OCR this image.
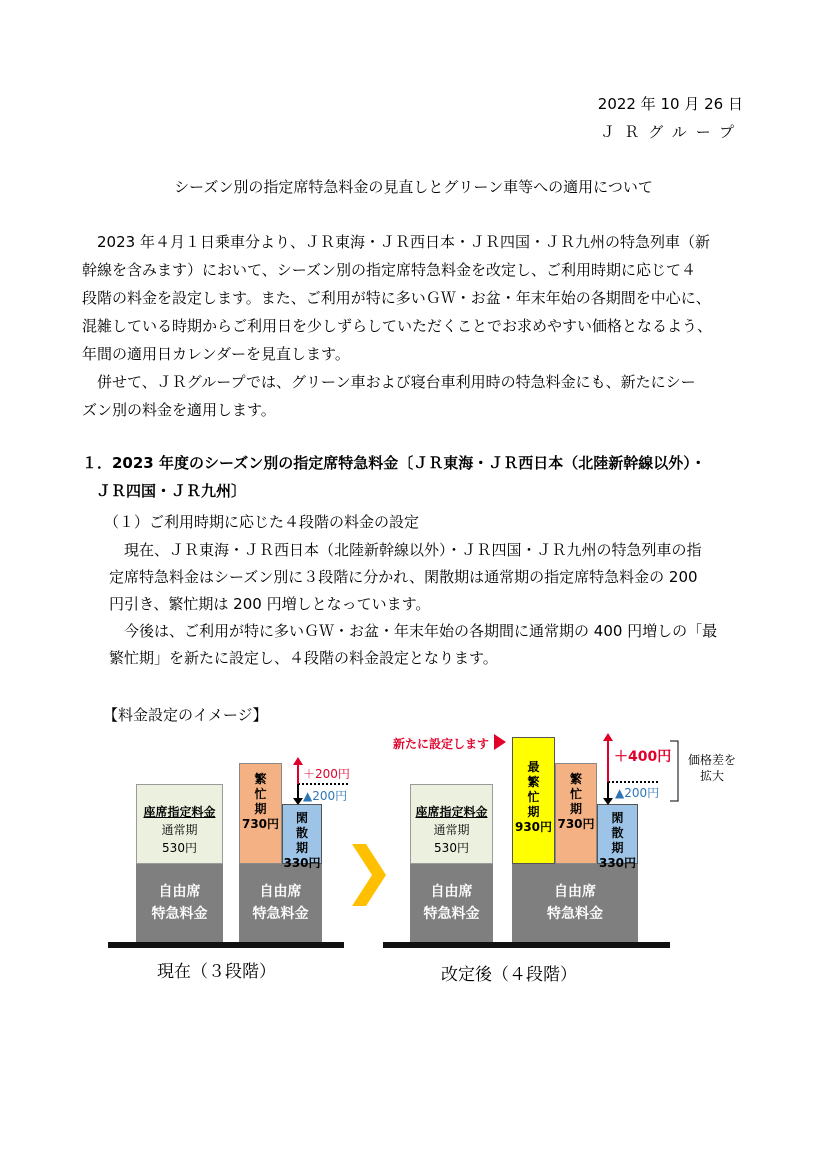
2022 年 10 月 26 日
ＪＲグループ
シーズン別の指定席特急料金の見直しとグリーン車等への適用について

2023 年４月１日乗車分より、ＪＲ東海・ＪＲ西日本・ＪＲ四国・ＪＲ九州の特急列車（新

幹線を含みます）において、シーズン別の指定席特急料金を改定し、ご利用時期に応じて４

段階の料金を設定します。また、ご利用が特に多いＧＷ・お盆・年末年始の各期間を中心に、

混雑している時期からご利用日を少しずらしていただくことでお求めやすい価格となるよう、

年間の適用日カレンダーを見直します。

併せて、ＪＲグループでは、グリーン車および寝台車利用時の特急料金にも、新たにシー

ズン別の料金を適用します。

１．2023 年度のシーズン別の指定席特急料金〔ＪＲ東海・ＪＲ西日本（北陸新幹線以外）・
ＪＲ四国・ＪＲ九州〕
（１）ご利用時期に応じた４段階の料金の設定

現在、ＪＲ東海・ＪＲ西日本（北陸新幹線以外）・ＪＲ四国・ＪＲ九州の特急列車の指

定席特急料金はシーズン別に３段階に分かれ、閑散期は通常期の指定席特急料金の 200

円引き、繁忙期は 200 円増しとなっています。

今後は、ご利用が特に多いＧＷ・お盆・年末年始の各期間に通常期の 400 円増しの「最

繁忙期」を新たに設定し、４段階の料金設定となります。

【料金設定のイメージ】
自由席
特急料金
座席指定料金
通常期
530円
自由席
特急料金
繁忙期
730円	閑散期
330円
＋200円
▲200円
現在（３段階）
自由席
特急料金
座席指定料金
通常期
530円
自由席
特急料金
最繁忙期
930円
繁忙期
730円	閑散期
330円
＋400円
▲200円
新たに設定します
価格差を
拡大
改定後（４段階）
